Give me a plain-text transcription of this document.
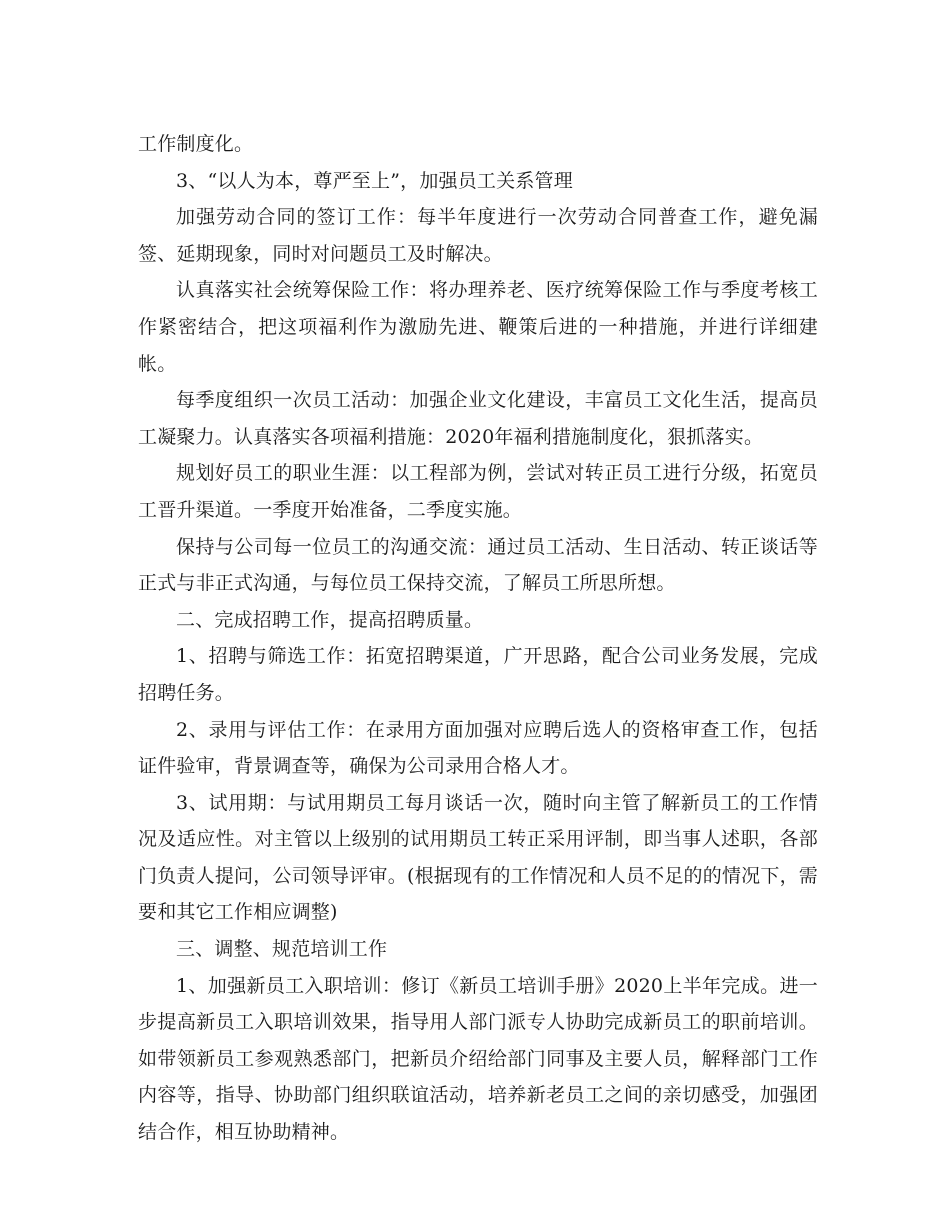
工作制度化。

3、“以人为本，尊严至上”，加强员工关系管理

加强劳动合同的签订工作：每半年度进行一次劳动合同普查工作，避免漏签、延期现象，同时对问题员工及时解决。

认真落实社会统筹保险工作：将办理养老、医疗统筹保险工作与季度考核工作紧密结合，把这项福利作为激励先进、鞭策后进的一种措施，并进行详细建帐。

每季度组织一次员工活动：加强企业文化建设，丰富员工文化生活，提高员工凝聚力。认真落实各项福利措施：2020年福利措施制度化，狠抓落实。

规划好员工的职业生涯：以工程部为例，尝试对转正员工进行分级，拓宽员工晋升渠道。一季度开始准备，二季度实施。

保持与公司每一位员工的沟通交流：通过员工活动、生日活动、转正谈话等正式与非正式沟通，与每位员工保持交流，了解员工所思所想。

二、完成招聘工作，提高招聘质量。

1、招聘与筛选工作：拓宽招聘渠道，广开思路，配合公司业务发展，完成招聘任务。

2、录用与评估工作：在录用方面加强对应聘后选人的资格审查工作，包括证件验审，背景调查等，确保为公司录用合格人才。

3、试用期：与试用期员工每月谈话一次，随时向主管了解新员工的工作情况及适应性。对主管以上级别的试用期员工转正采用评制，即当事人述职，各部门负责人提问，公司领导评审。(根据现有的工作情况和人员不足的的情况下，需要和其它工作相应调整)

三、调整、规范培训工作

1、加强新员工入职培训：修订《新员工培训手册》2020上半年完成。进一步提高新员工入职培训效果，指导用人部门派专人协助完成新员工的职前培训。如带领新员工参观熟悉部门，把新员介绍给部门同事及主要人员，解释部门工作内容等，指导、协助部门组织联谊活动，培养新老员工之间的亲切感受，加强团结合作，相互协助精神。
